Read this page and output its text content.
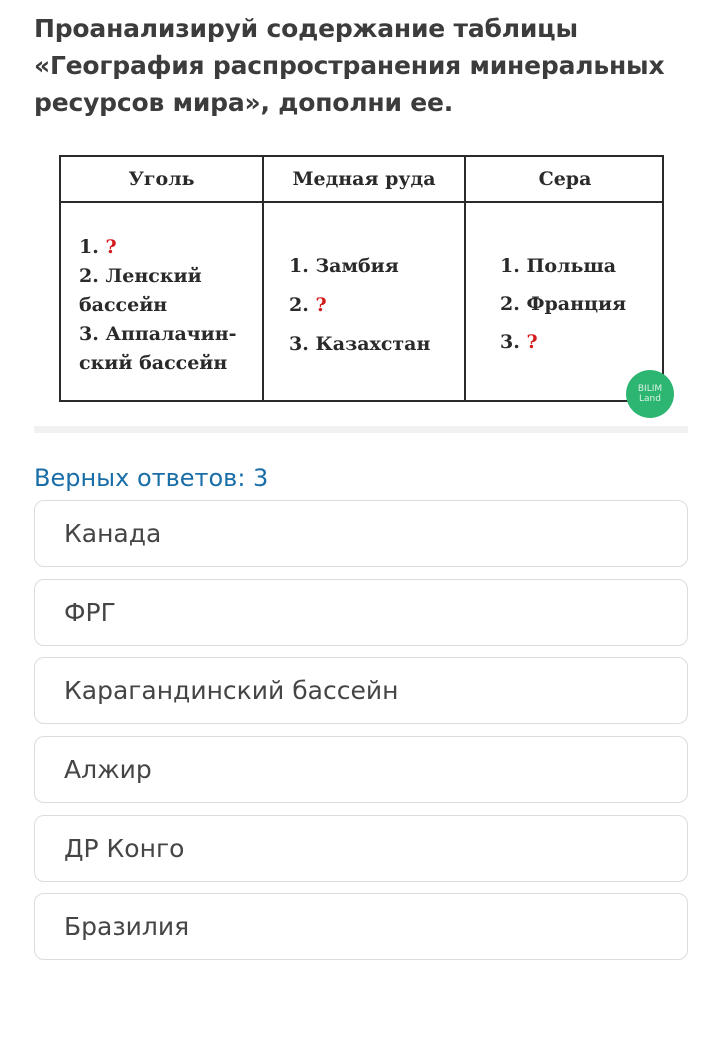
Проанализируй содержание таблицы «География распространения минеральных ресурсов мира», дополни ее.
Уголь
1. ?
2. Ленский
бассейн
3. Аппалачин-
ский бассейн
Медная руда
1. Замбия
2. ?
3. Казахстан
Сера
1. Польша
2. Франция
3. ?
BILIM
Land
Верных ответов: 3
Канада
ФРГ
Карагандинский бассейн
Алжир
ДР Конго
Бразилия
